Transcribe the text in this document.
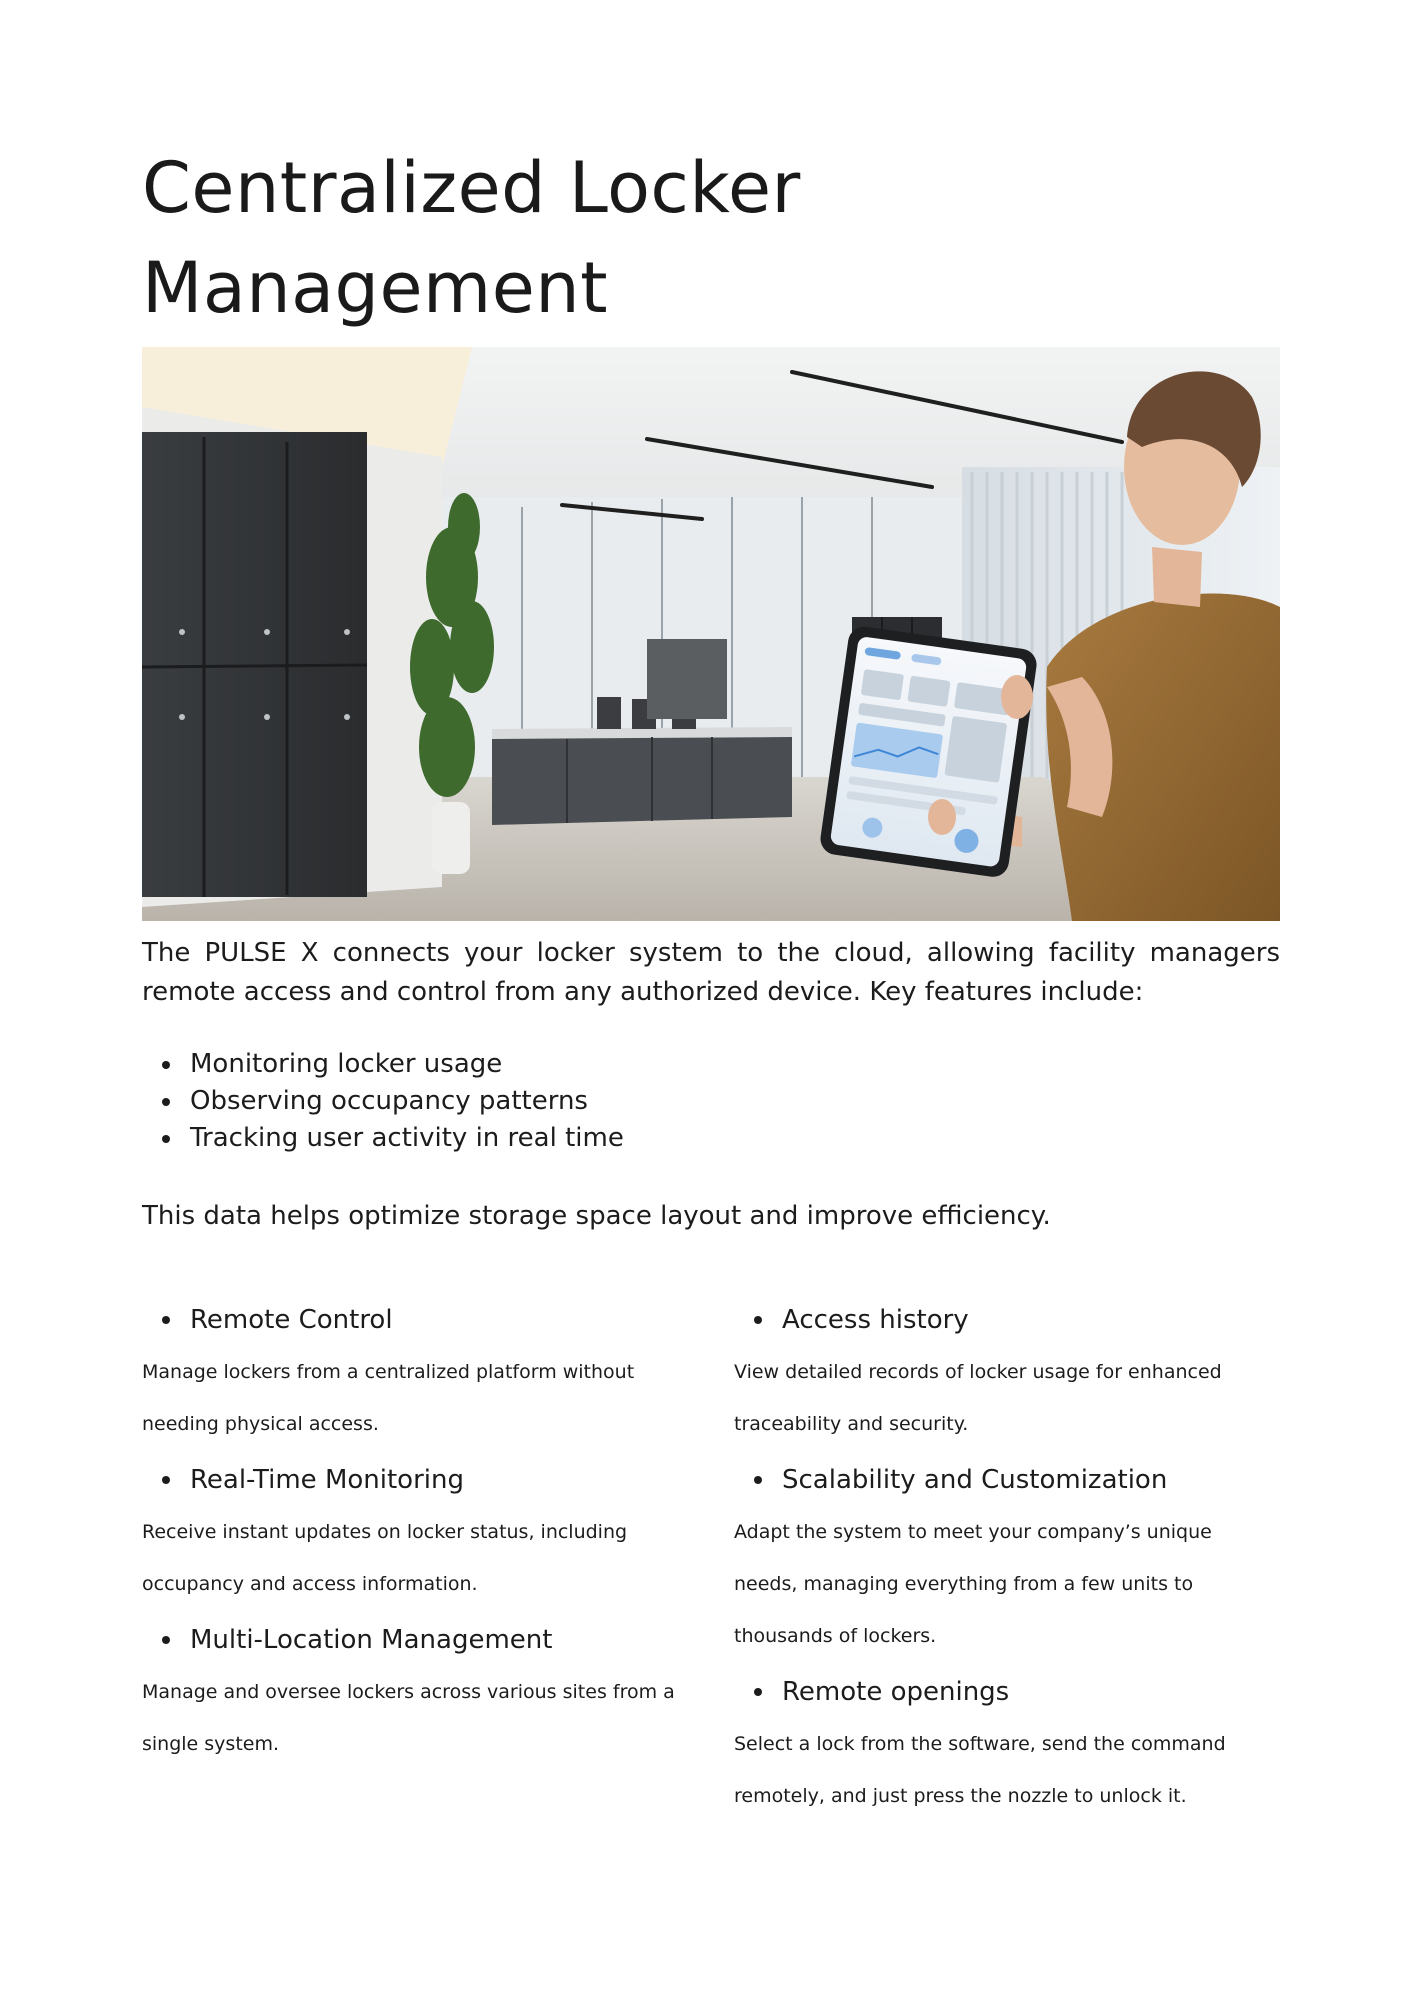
Centralized Locker Management

The PULSE X connects your locker system to the cloud, allowing facility managers remote access and control from any authorized device. Key features include:

Monitoring locker usage
Observing occupancy patterns
Tracking user activity in real time

This data helps optimize storage space layout and improve efficiency.

Remote Control

Manage lockers from a centralized platform without needing physical access.

Real-Time Monitoring

Receive instant updates on locker status, including occupancy and access information.

Multi-Location Management

Manage and oversee lockers across various sites from a single system.

Access history

View detailed records of locker usage for enhanced traceability and security.

Scalability and Customization

Adapt the system to meet your company’s unique needs, managing everything from a few units to thousands of lockers.

Remote openings

Select a lock from the software, send the command remotely, and just press the nozzle to unlock it.
